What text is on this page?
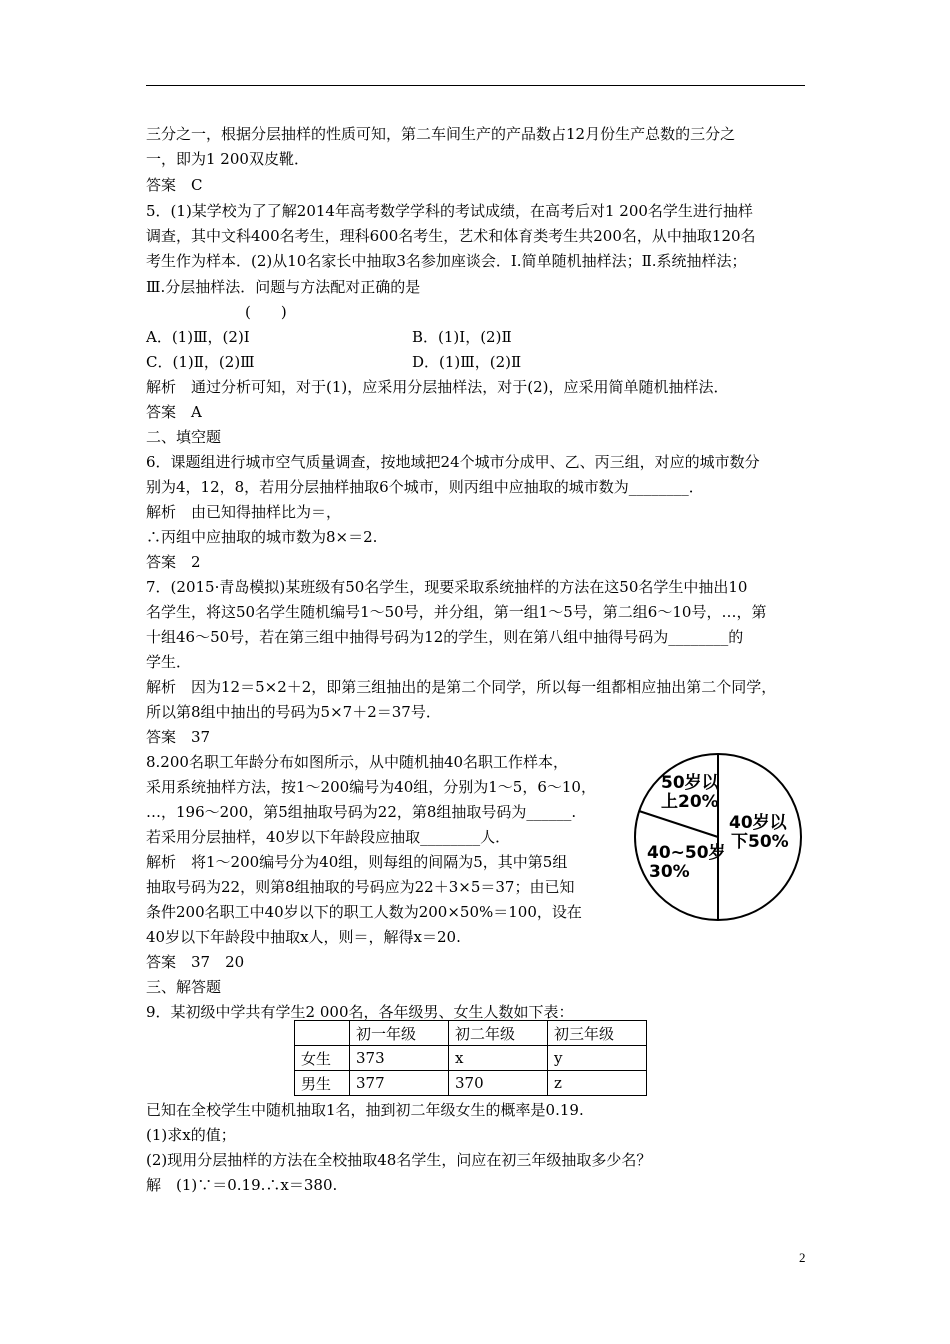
三分之一，根据分层抽样的性质可知，第二车间生产的产品数占12月份生产总数的三分之
一，即为1 200双皮靴．
答案　C
5．(1)某学校为了了解2014年高考数学学科的考试成绩，在高考后对1 200名学生进行抽样
调查，其中文科400名考生，理科600名考生，艺术和体育类考生共200名，从中抽取120名
考生作为样本．(2)从10名家长中抽取3名参加座谈会．Ⅰ.简单随机抽样法；Ⅱ.系统抽样法；
Ⅲ.分层抽样法．问题与方法配对正确的是
(　　)
A．(1)Ⅲ，(2)Ⅰ	B．(1)Ⅰ，(2)Ⅱ
C．(1)Ⅱ，(2)Ⅲ	D．(1)Ⅲ，(2)Ⅱ
解析　通过分析可知，对于(1)，应采用分层抽样法，对于(2)，应采用简单随机抽样法．
答案　A
二、填空题
6．课题组进行城市空气质量调查，按地域把24个城市分成甲、乙、丙三组，对应的城市数分
别为4，12，8，若用分层抽样抽取6个城市，则丙组中应抽取的城市数为________．
解析　由已知得抽样比为＝，
∴丙组中应抽取的城市数为8×＝2.
答案　2
7．(2015·青岛模拟)某班级有50名学生，现要采取系统抽样的方法在这50名学生中抽出10
名学生，将这50名学生随机编号1～50号，并分组，第一组1～5号，第二组6～10号，…，第
十组46～50号，若在第三组中抽得号码为12的学生，则在第八组中抽得号码为________的
学生．
解析　因为12＝5×2＋2，即第三组抽出的是第二个同学，所以每一组都相应抽出第二个同学，
所以第8组中抽出的号码为5×7＋2＝37号．
答案　37
8.200名职工年龄分布如图所示，从中随机抽40名职工作样本，
采用系统抽样方法，按1～200编号为40组，分别为1～5，6～10，
…，196～200，第5组抽取号码为22，第8组抽取号码为______.
若采用分层抽样，40岁以下年龄段应抽取________人．
解析　将1～200编号分为40组，则每组的间隔为5，其中第5组
抽取号码为22，则第8组抽取的号码应为22＋3×5＝37；由已知
条件200名职工中40岁以下的职工人数为200×50%＝100，设在
40岁以下年龄段中抽取x人，则＝，解得x＝20.
答案　37　20
三、解答题
9．某初级中学共有学生2 000名，各年级男、女生人数如下表：
40岁以
下50%
40~50岁
30%
50岁以
上20%
	初一年级	初二年级	初三年级
女生	373	x	y
男生	377	370	z
已知在全校学生中随机抽取1名，抽到初二年级女生的概率是0.19.
(1)求x的值；
(2)现用分层抽样的方法在全校抽取48名学生，问应在初三年级抽取多少名？
解　(1)∵＝0.19.∴x＝380.
2
